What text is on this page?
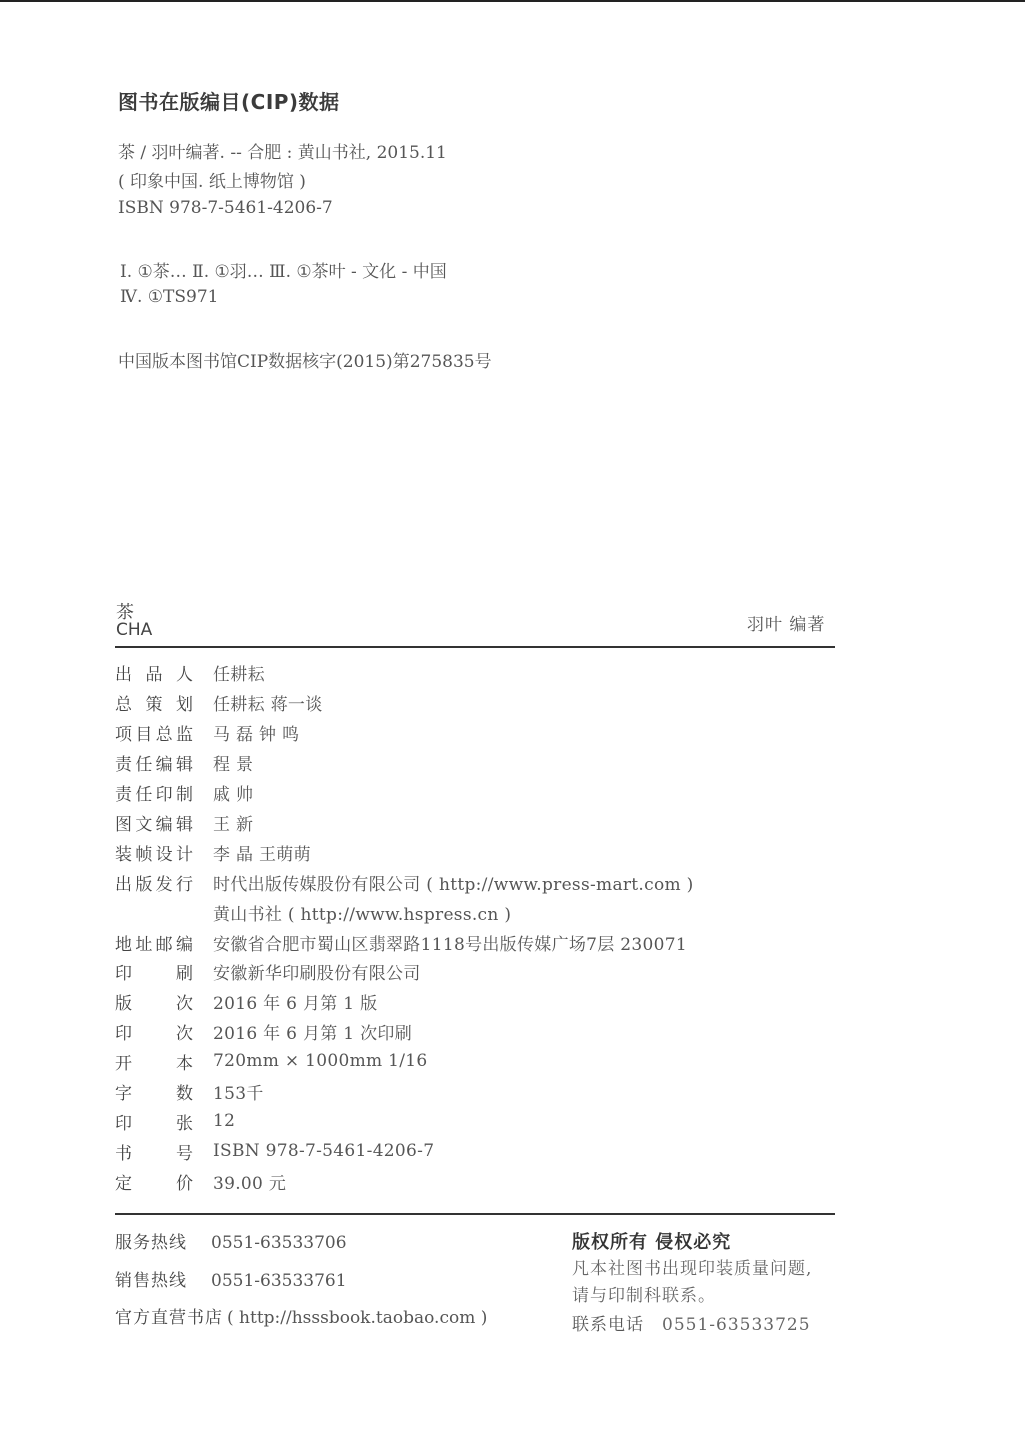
图书在版编目(CIP)数据
茶 / 羽叶编著. -- 合肥 : 黄山书社, 2015.11
( 印象中国. 纸上博物馆 )
ISBN 978-7-5461-4206-7
Ⅰ. ①茶… Ⅱ. ①羽… Ⅲ. ①茶叶 - 文化 - 中国
Ⅳ. ①TS971
中国版本图书馆CIP数据核字(2015)第275835号
茶
CHA	羽叶 编著
出品人 任耕耘
总策划 任耕耘 蒋一谈
项目总监 马 磊 钟 鸣
责任编辑 程 景
责任印制 戚 帅
图文编辑 王 新
装帧设计 李 晶 王萌萌
出版发行 时代出版传媒股份有限公司 ( http://www.press-mart.com )
黄山书社 ( http://www.hspress.cn )
地址邮编 安徽省合肥市蜀山区翡翠路1118号出版传媒广场7层 230071
印刷 安徽新华印刷股份有限公司
版次 2016 年 6 月第 1 版
印次 2016 年 6 月第 1 次印刷
开本 720mm × 1000mm 1/16
字数 153千
印张 12
书号 ISBN 978-7-5461-4206-7
定价 39.00 元
服务热线 0551-63533706
销售热线 0551-63533761
官方直营书店 ( http://hsssbook.taobao.com )
版权所有 侵权必究
凡本社图书出现印装质量问题,
请与印制科联系。
联系电话 0551-63533725
